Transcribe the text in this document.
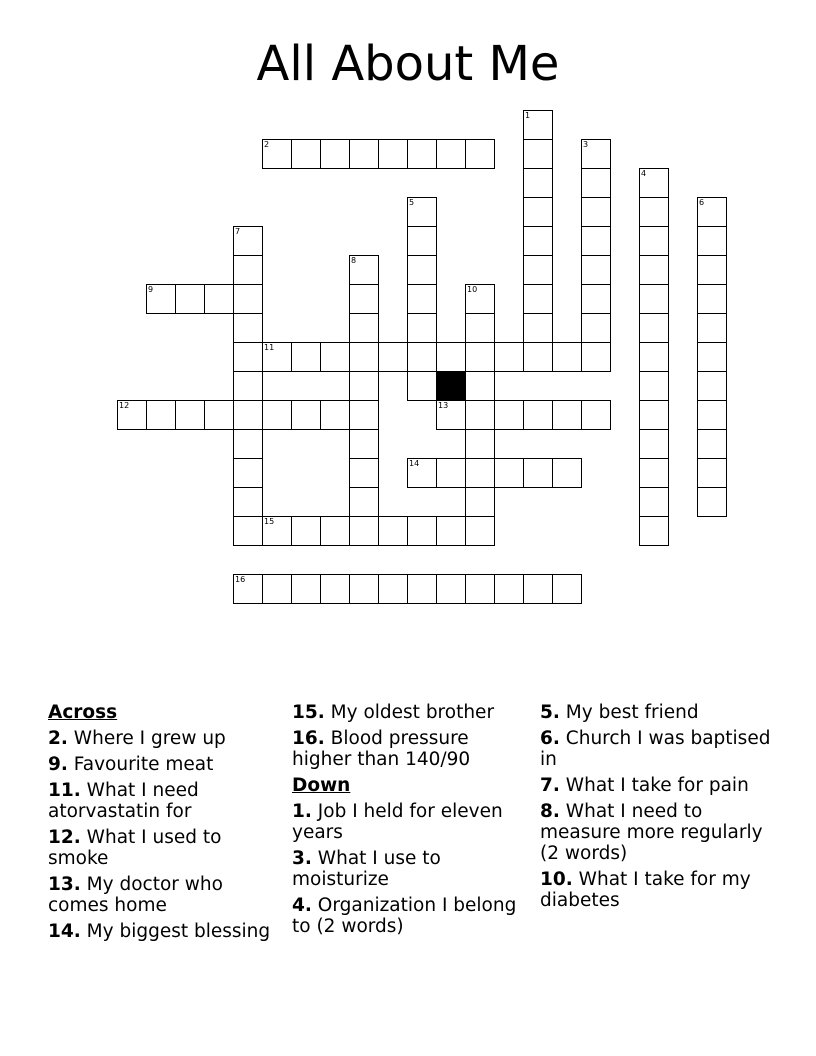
All About Me
1
2	3
4
5	6
7
8
9	10
11
12	13
14
15
16
Across
2. Where I grew up
9. Favourite meat
11. What I need atorvastatin for
12. What I used to smoke
13. My doctor who comes home
14. My biggest blessing
15. My oldest brother
16. Blood pressure higher than 140/90
Down
1. Job I held for eleven years
3. What I use to moisturize
4. Organization I belong to (2 words)
5. My best friend
6. Church I was baptised in
7. What I take for pain
8. What I need to measure more regularly (2 words)
10. What I take for my diabetes
